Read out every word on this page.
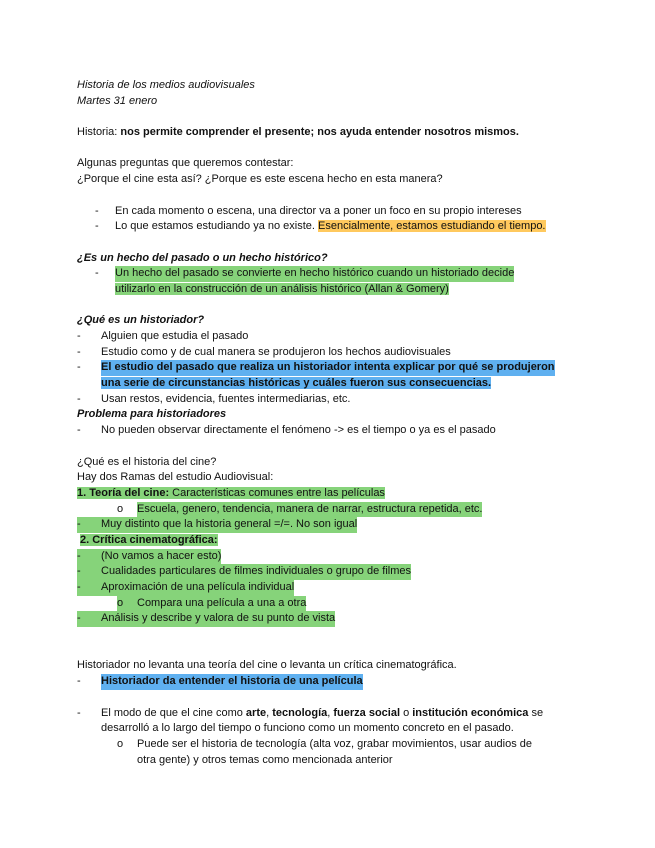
Historia de los medios audiovisuales
Martes 31 enero
Historia: nos permite comprender el presente; nos ayuda entender nosotros mismos.
Algunas preguntas que queremos contestar:
¿Porque el cine esta así? ¿Porque es este escena hecho en esta manera?
-	En cada momento o escena, una director va a poner un foco en su propio intereses
-	Lo que estamos estudiando ya no existe. Esencialmente, estamos estudiando el tiempo.
¿Es un hecho del pasado o un hecho histórico?
-	Un hecho del pasado se convierte en hecho histórico cuando un historiado decide
utilizarlo en la construcción de un análisis histórico (Allan & Gomery)
¿Qué es un historiador?
-	Alguien que estudia el pasado
-	Estudio como y de cual manera se produjeron los hechos audiovisuales
-	El estudio del pasado que realiza un historiador intenta explicar por qué se produjeron
una serie de circunstancias históricas y cuáles fueron sus consecuencias.
-	Usan restos, evidencia, fuentes intermediarias, etc.
Problema para historiadores
-	No pueden observar directamente el fenómeno -> es el tiempo o ya es el pasado
¿Qué es el historia del cine?
Hay dos Ramas del estudio Audiovisual:
1. Teoría del cine: Características comunes entre las películas
o	Escuela, genero, tendencia, manera de narrar, estructura repetida, etc.
-	Muy distinto que la historia general =/=. No son igual
2. Crítica cinematográfica:
-	(No vamos a hacer esto)
-	Cualidades particulares de filmes individuales o grupo de filmes
-	Aproximación de una película individual
o	Compara una película a una a otra
-	Análisis y describe y valora de su punto de vista
Historiador no levanta una teoría del cine o levanta un crítica cinematográfica.
-	Historiador da entender el historia de una película
-	El modo de que el cine como arte, tecnología, fuerza social o institución económica se
desarrolló a lo largo del tiempo o funciono como un momento concreto en el pasado.
o	Puede ser el historia de tecnología (alta voz, grabar movimientos, usar audios de
otra gente) y otros temas como mencionada anterior
